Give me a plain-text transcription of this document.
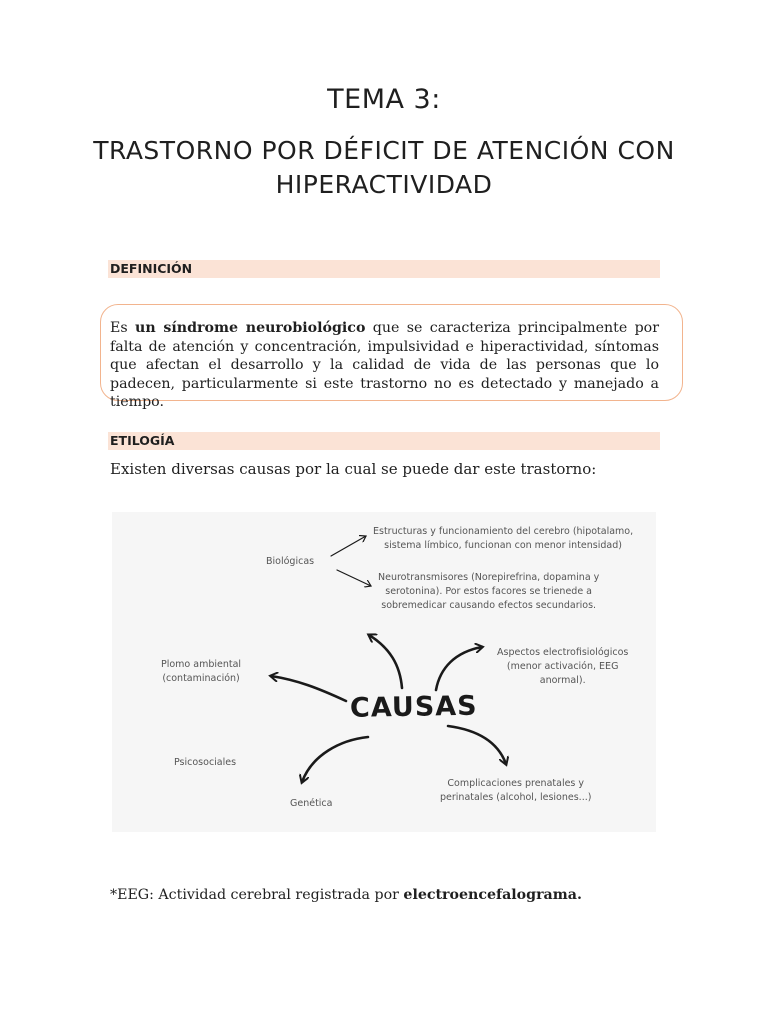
TEMA 3:
TRASTORNO POR DÉFICIT DE ATENCIÓN CON
HIPERACTIVIDAD
DEFINICIÓN
Es un síndrome neurobiológico que se caracteriza principalmente por falta de atención y concentración, impulsividad e hiperactividad, síntomas que afectan el desarrollo y la calidad de vida de las personas que lo padecen, particularmente si este trastorno no es detectado y manejado a tiempo.
ETILOGÍA
Existen diversas causas por la cual se puede dar este trastorno:
Biológicas
Estructuras y funcionamiento del cerebro (hipotalamo,
sistema límbico, funcionan con menor intensidad)
Neurotransmisores (Norepirefrina, dopamina y
serotonina). Por estos facores se trienede a
sobremedicar causando efectos secundarios.
Aspectos electrofisiológicos
(menor activación, EEG
anormal).
Plomo ambiental
(contaminación)
CAUSAS
Psicosociales
Genética
Complicaciones prenatales y
perinatales (alcohol, lesiones...)
*EEG: Actividad cerebral registrada por electroencefalograma.
